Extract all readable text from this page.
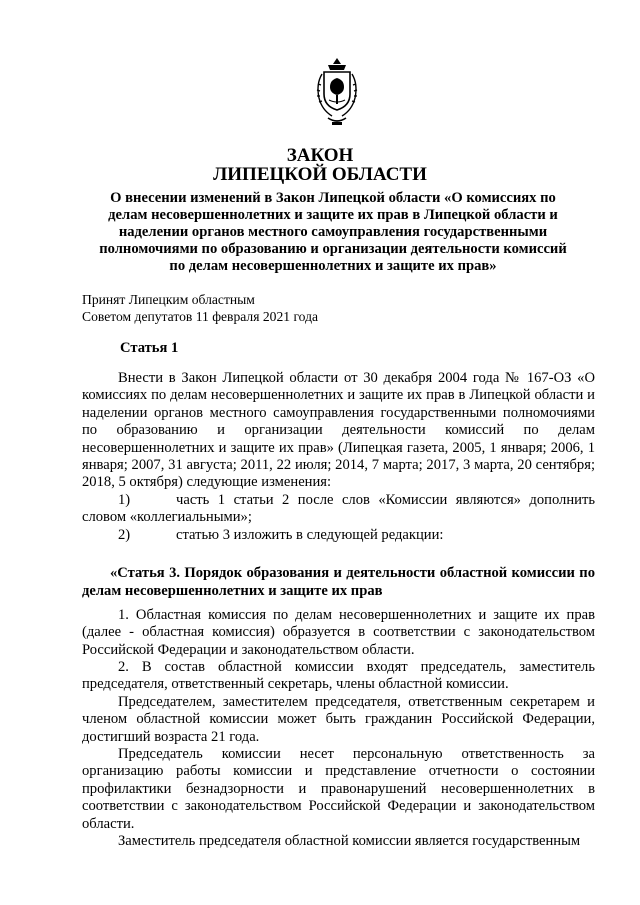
ЗАКОН
ЛИПЕЦКОЙ ОБЛАСТИ
О внесении изменений в Закон Липецкой области «О комиссиях по делам несовершеннолетних и защите их прав в Липецкой области и наделении органов местного самоуправления государственными полномочиями по образованию и организации деятельности комиссий по делам несовершеннолетних и защите их прав»
Принят Липецким областным
Советом депутатов 11 февраля 2021 года
Статья 1
Внести в Закон Липецкой области от 30 декабря 2004 года № 167-ОЗ «О комиссиях по делам несовершеннолетних и защите их прав в Липецкой области и наделении органов местного самоуправления государственными полномочиями по образованию и организации деятельности комиссий по делам несовершеннолетних и защите их прав» (Липецкая газета, 2005, 1 января; 2006, 1 января; 2007, 31 августа; 2011, 22 июля; 2014, 7 марта; 2017, 3 марта, 20 сентября; 2018, 5 октября) следующие изменения:
1)	часть 1 статьи 2 после слов «Комиссии являются» дополнить словом «коллегиальными»;
2)	статью 3 изложить в следующей редакции:
«Статья 3. Порядок образования и деятельности областной комиссии по делам несовершеннолетних и защите их прав
1. Областная комиссия по делам несовершеннолетних и защите их прав (далее - областная комиссия) образуется в соответствии с законодательством Российской Федерации и законодательством области.
2. В состав областной комиссии входят председатель, заместитель председателя, ответственный секретарь, члены областной комиссии.
Председателем, заместителем председателя, ответственным секретарем и членом областной комиссии может быть гражданин Российской Федерации, достигший возраста 21 года.
Председатель комиссии несет персональную ответственность за организацию работы комиссии и представление отчетности о состоянии профилактики безнадзорности и правонарушений несовершеннолетних в соответствии с законодательством Российской Федерации и законодательством области.
Заместитель председателя областной комиссии является государственным
